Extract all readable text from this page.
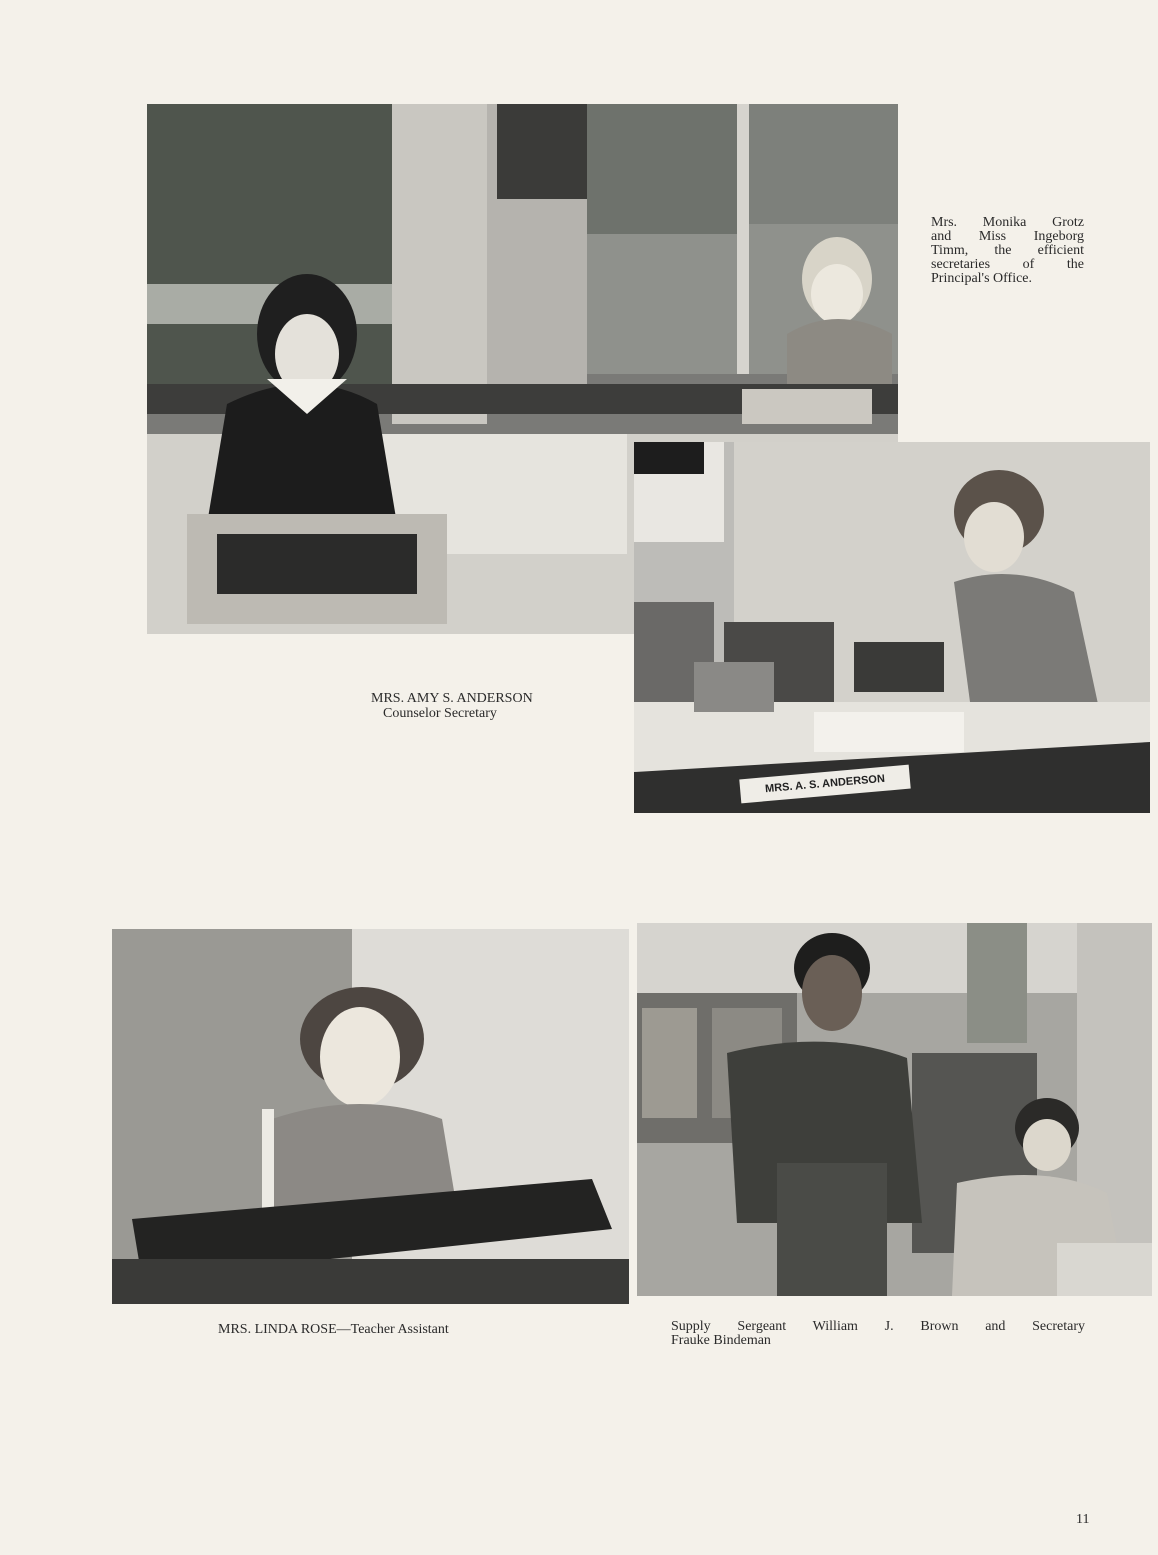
Mrs. Monika Grotz
and Miss Ingeborg
Timm, the efficient
secretaries of the
Principal's Office.
MRS. A. S. ANDERSON
MRS. AMY S. ANDERSON
Counselor Secretary
MRS. LINDA ROSE—Teacher Assistant	Supply Sergeant William J. Brown and Secretary
Frauke Bindeman
11
